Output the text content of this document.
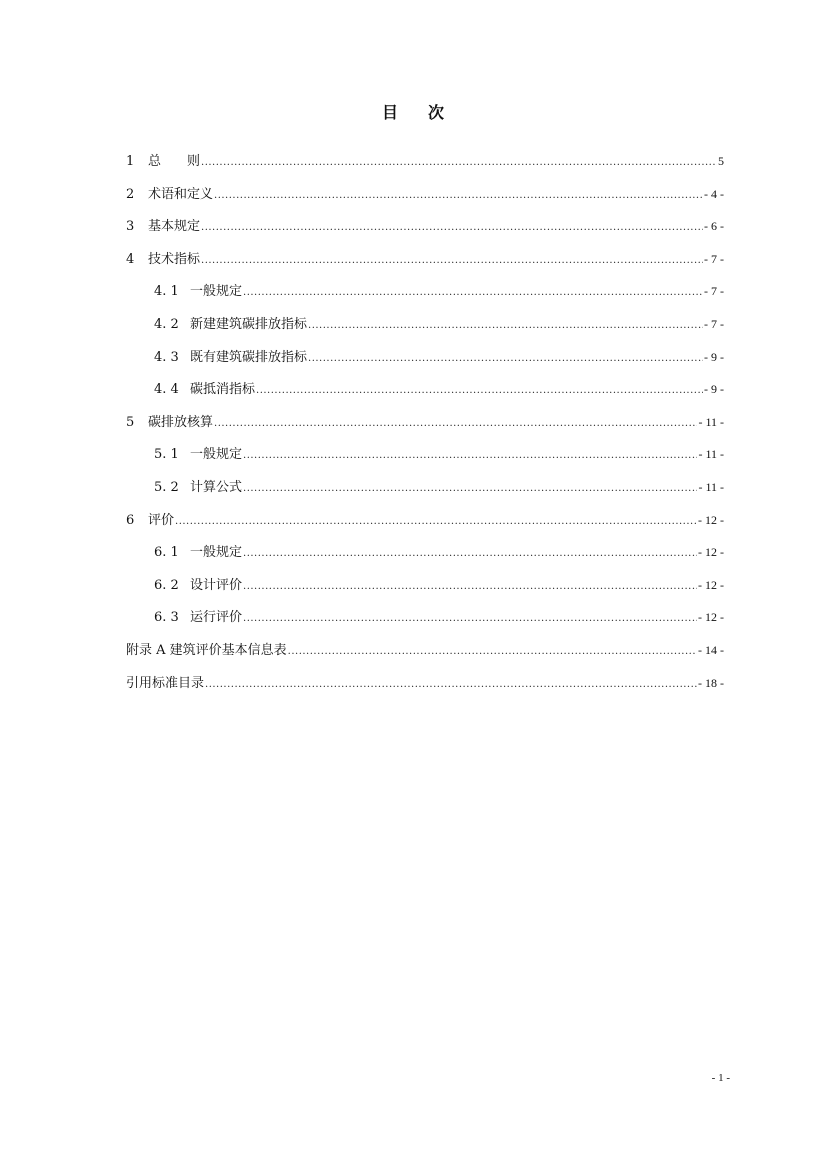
目 次
1	总　　则 .....	5
2	术语和定义 .....	- 4 -
3	基本规定 .....	- 6 -
4	技术指标 .....	- 7 -
4. 1 一般规定 .....	- 7 -
4. 2 新建建筑碳排放指标 .....	- 7 -
4. 3 既有建筑碳排放指标 .....	- 9 -
4. 4 碳抵消指标 .....	- 9 -
5	碳排放核算 .....	- 11 -
5. 1 一般规定 .....	- 11 -
5. 2 计算公式 .....	- 11 -
6	评价 .....	- 12 -
6. 1 一般规定 .....	- 12 -
6. 2 设计评价 .....	- 12 -
6. 3 运行评价 .....	- 12 -
附录 A 建筑评价基本信息表 .....	- 14 -
引用标准目录 .....	- 18 -
- 1 -
